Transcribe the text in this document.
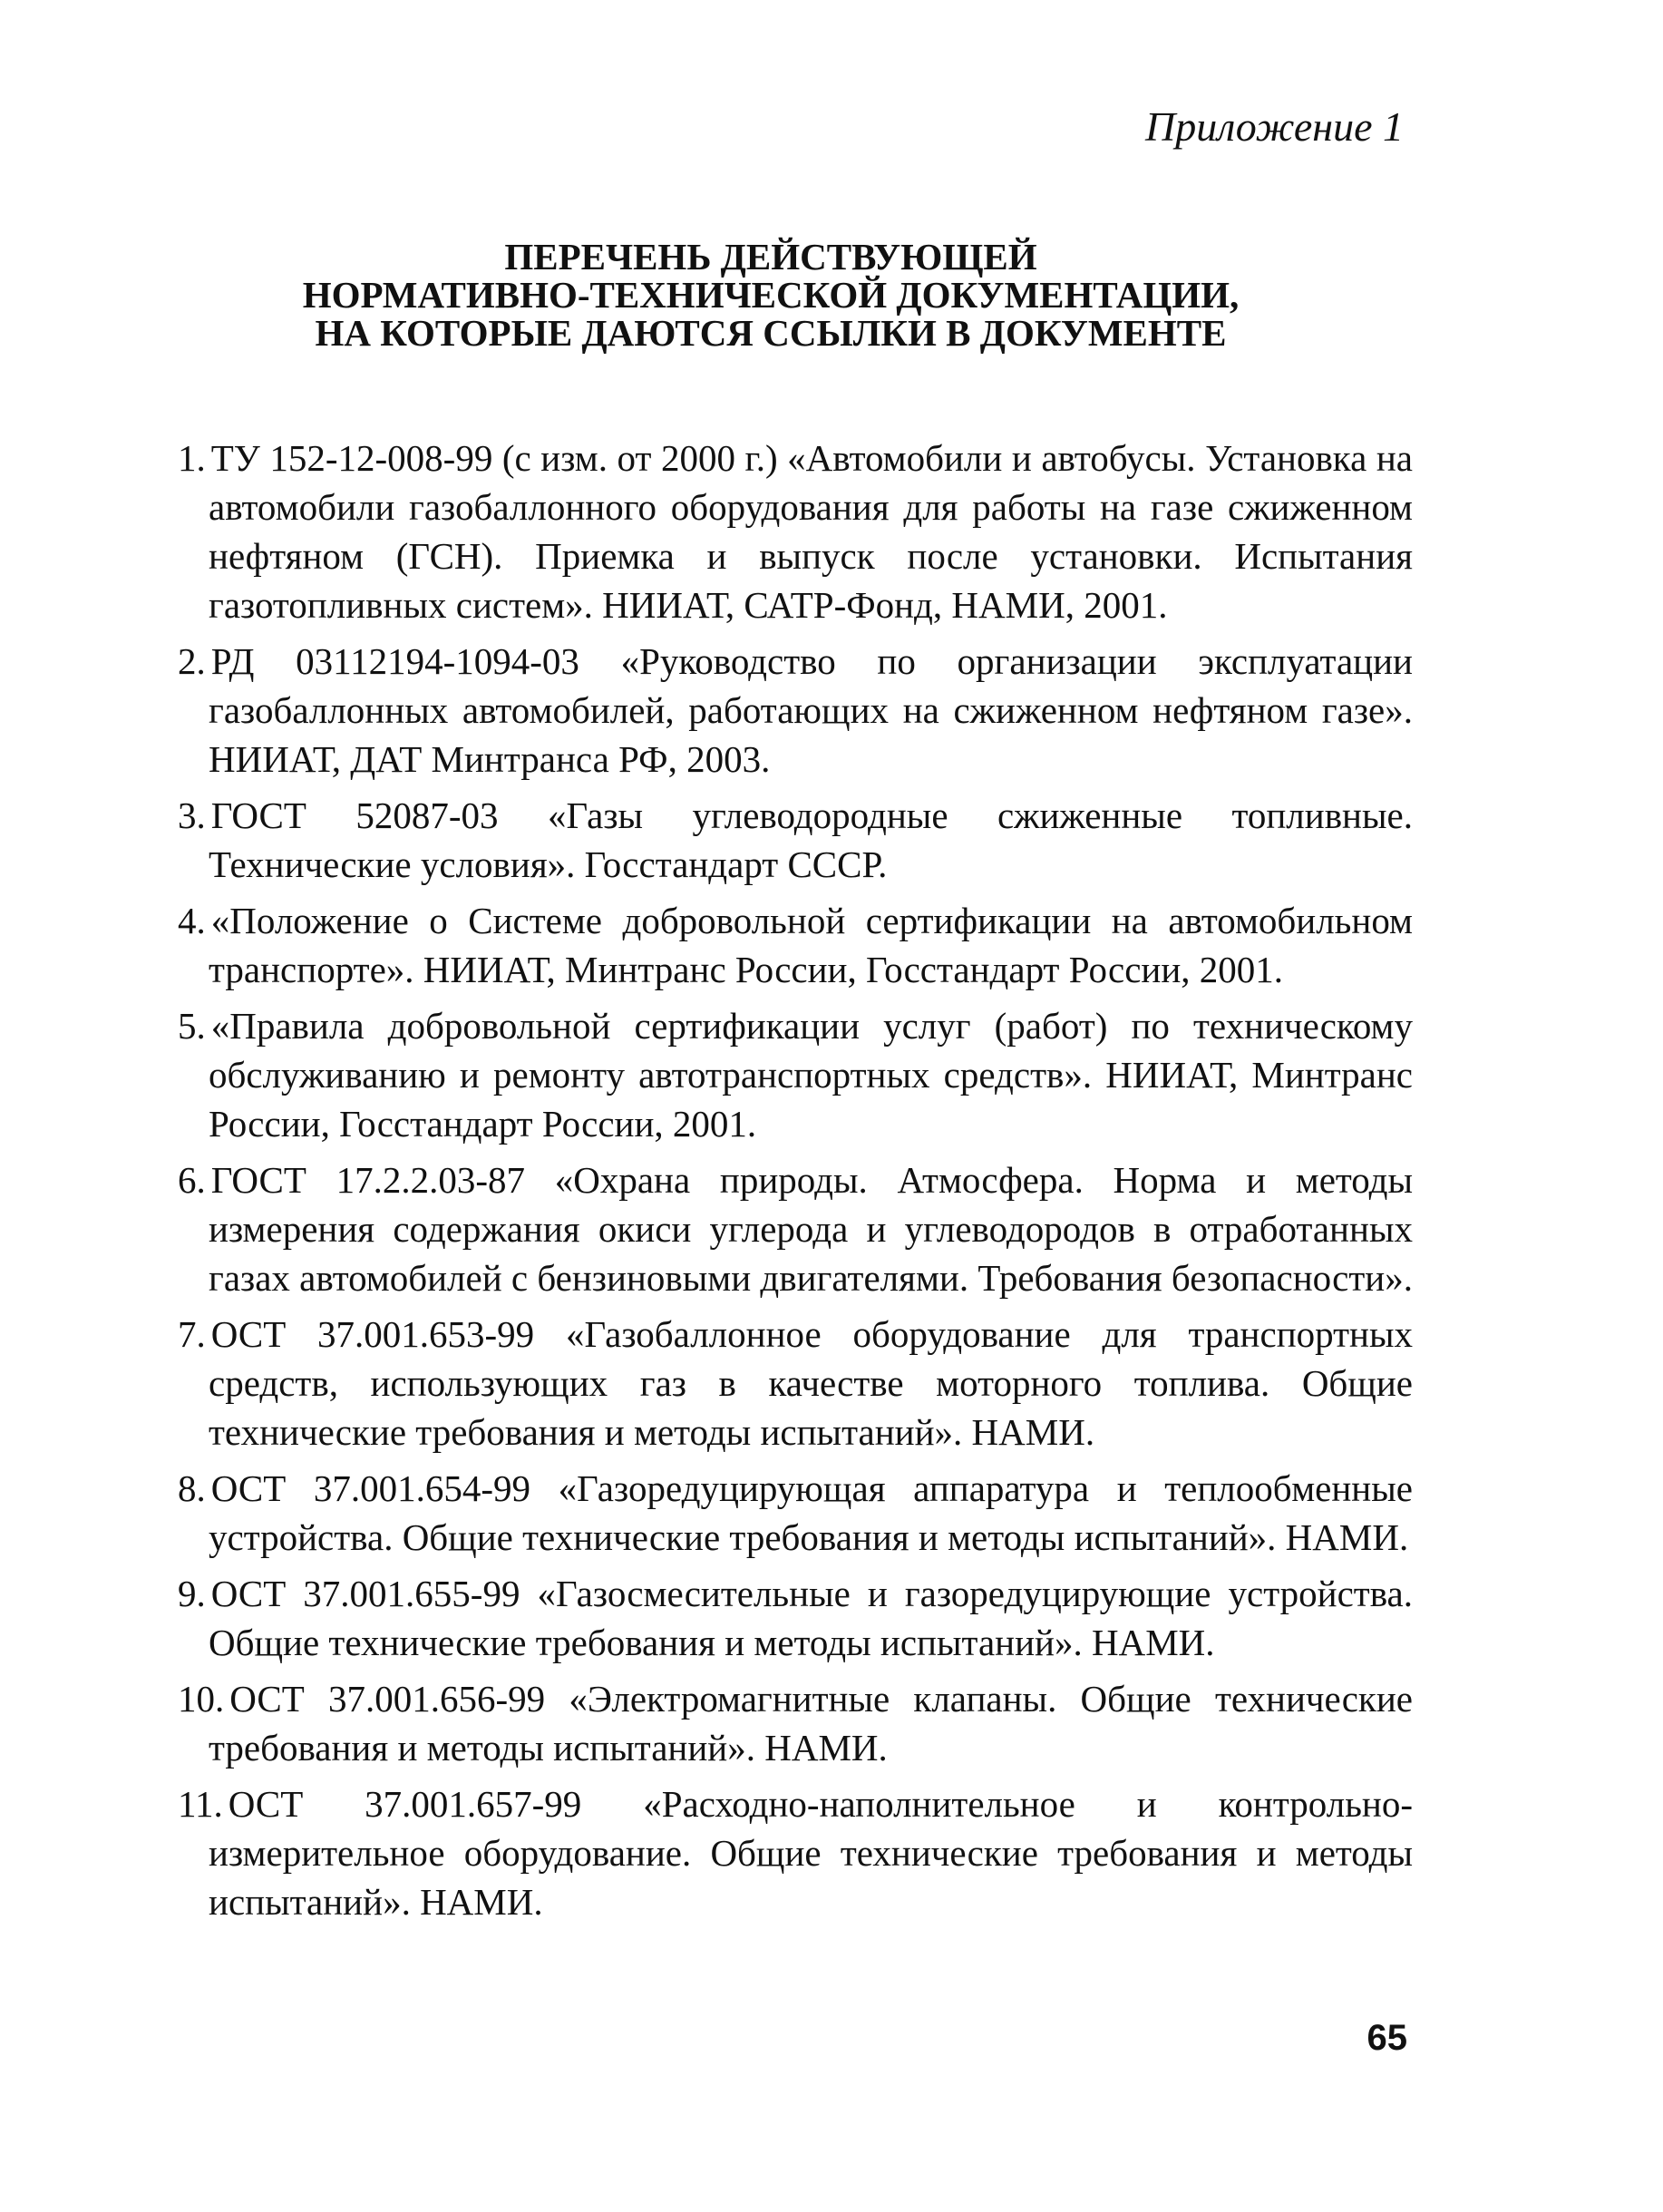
Приложение 1
ПЕРЕЧЕНЬ ДЕЙСТВУЮЩЕЙ
НОРМАТИВНО-ТЕХНИЧЕСКОЙ ДОКУМЕНТАЦИИ,
НА КОТОРЫЕ ДАЮТСЯ ССЫЛКИ В ДОКУМЕНТЕ
1. ТУ 152-12-008-99 (с изм. от 2000 г.) «Автомобили и автобусы. Установка на автомобили газобаллонного оборудования для работы на газе сжиженном нефтяном (ГСН). Приемка и выпуск после установки. Испытания газотопливных систем». НИИАТ, САТР-Фонд, НАМИ, 2001.
2. РД 03112194-1094-03 «Руководство по организации эксплуатации газобаллонных автомобилей, работающих на сжиженном нефтяном газе». НИИАТ, ДАТ Минтранса РФ, 2003.
3. ГОСТ 52087-03 «Газы углеводородные сжиженные топливные. Технические условия». Госстандарт СССР.
4. «Положение о Системе добровольной сертификации на автомобильном транспорте». НИИАТ, Минтранс России, Госстандарт России, 2001.
5. «Правила добровольной сертификации услуг (работ) по техническому обслуживанию и ремонту автотранспортных средств». НИИАТ, Минтранс России, Госстандарт России, 2001.
6. ГОСТ 17.2.2.03-87 «Охрана природы. Атмосфера. Норма и методы измерения содержания окиси углерода и углеводородов в отработанных газах автомобилей с бензиновыми двигателями. Требования безопасности».
7. ОСТ 37.001.653-99 «Газобаллонное оборудование для транспортных средств, использующих газ в качестве моторного топлива. Общие технические требования и методы испытаний». НАМИ.
8. ОСТ 37.001.654-99 «Газоредуцирующая аппаратура и теплообменные устройства. Общие технические требования и методы испытаний». НАМИ.
9. ОСТ 37.001.655-99 «Газосмесительные и газоредуцирующие устройства. Общие технические требования и методы испытаний». НАМИ.
10. ОСТ 37.001.656-99 «Электромагнитные клапаны. Общие технические требования и методы испытаний». НАМИ.
11. ОСТ 37.001.657-99 «Расходно-наполнительное и контрольно-измерительное оборудование. Общие технические требования и методы испытаний». НАМИ.
65
